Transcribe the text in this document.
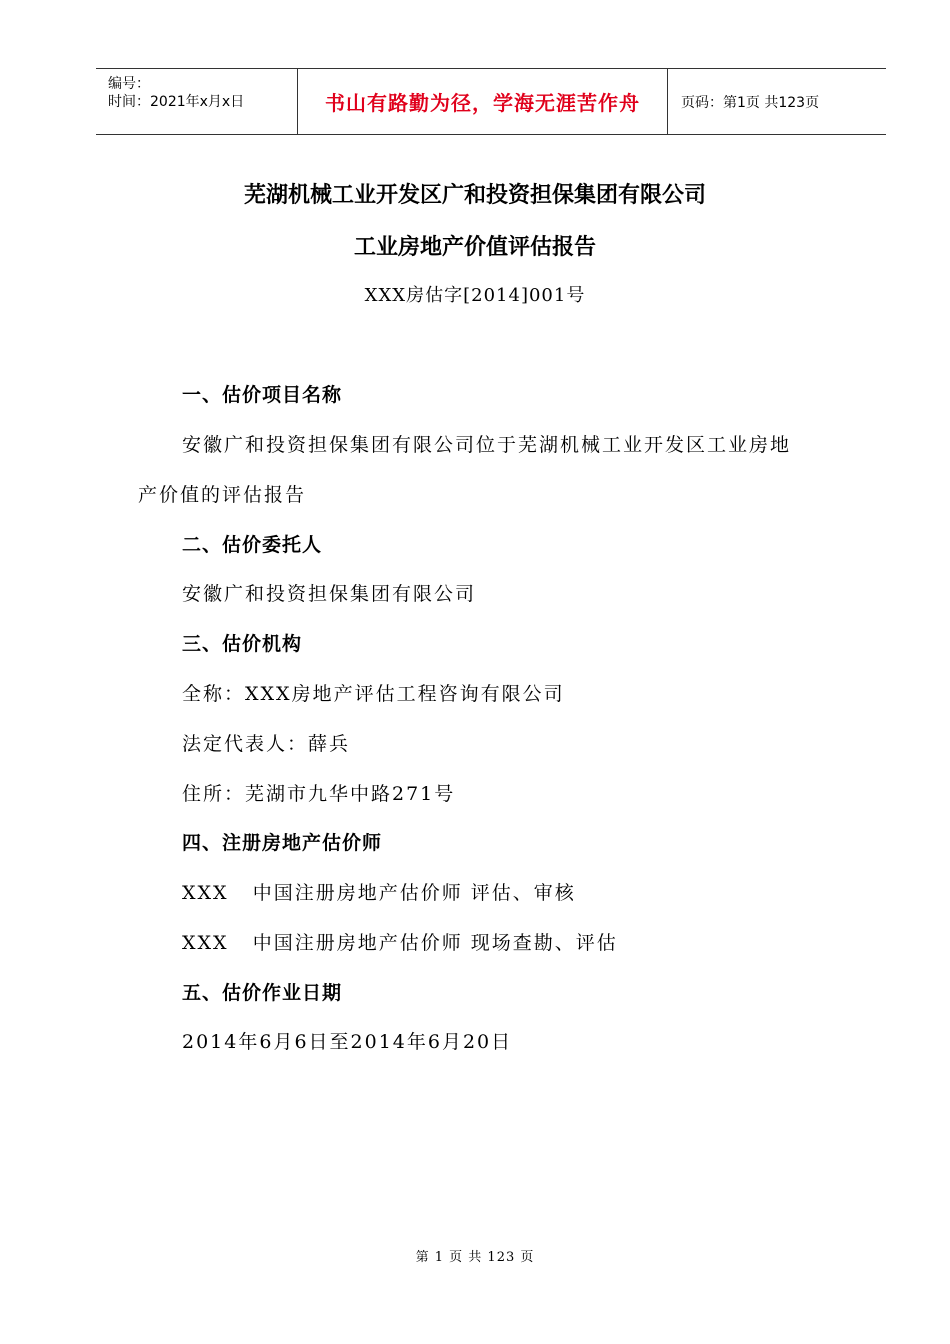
编号：
时间：2021年x月x日	书山有路勤为径，学海无涯苦作舟	页码：第1页 共123页
芜湖机械工业开发区广和投资担保集团有限公司
工业房地产价值评估报告
XXX房估字[2014]001号
一、估价项目名称
安徽广和投资担保集团有限公司位于芜湖机械工业开发区工业房地
产价值的评估报告
二、估价委托人
安徽广和投资担保集团有限公司
三、估价机构
全称：XXX房地产评估工程咨询有限公司
法定代表人：薛兵
住所：芜湖市九华中路271号
四、注册房地产估价师
XXX   中国注册房地产估价师 评估、审核
XXX   中国注册房地产估价师 现场查勘、评估
五、估价作业日期
2014年6月6日至2014年6月20日
第 1 页 共 123 页
